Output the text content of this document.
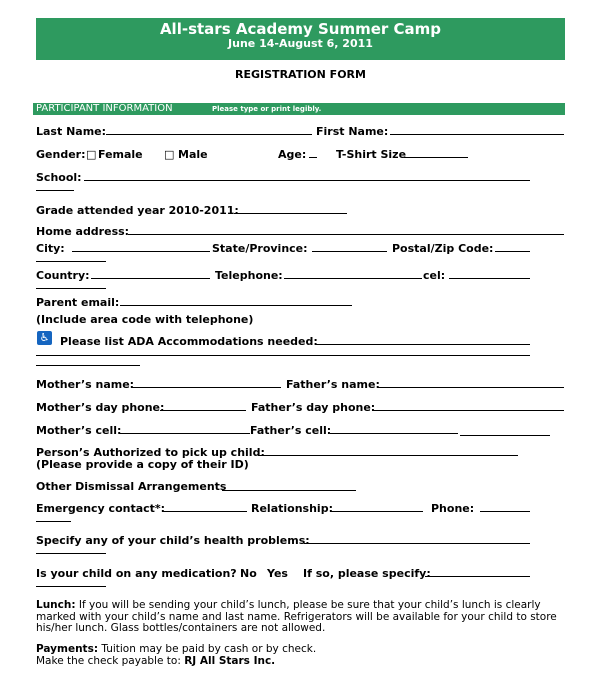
All-stars Academy Summer Camp
June 14-August 6, 2011
REGISTRATION FORM
PARTICIPANT INFORMATION	Please type or print legibly.
Last Name:	First Name:
Gender: □ Female □ Male	Age:	T-Shirt Size
School:
Grade attended year 2010-2011:
Home address:
City:	State/Province:	Postal/Zip Code:
Country:	Telephone:	cel:
Parent email:
(Include area code with telephone)
♿ Please list ADA Accommodations needed:
Mother’s name:	Father’s name:
Mother’s day phone:	Father’s day phone:
Mother’s cell:	Father’s cell:
Person’s Authorized to pick up child:
(Please provide a copy of their ID)
Other Dismissal Arrangements
Emergency contact*:	Relationship:	Phone:
Specify any of your child’s health problems:
Is your child on any medication? No Yes If so, please specify:
Lunch: If you will be sending your child’s lunch, please be sure that your child’s lunch is clearly marked with your child’s name and last name. Refrigerators will be available for your child to store his/her lunch. Glass bottles/containers are not allowed.
Payments: Tuition may be paid by cash or by check.
Make the check payable to: RJ All Stars Inc.
